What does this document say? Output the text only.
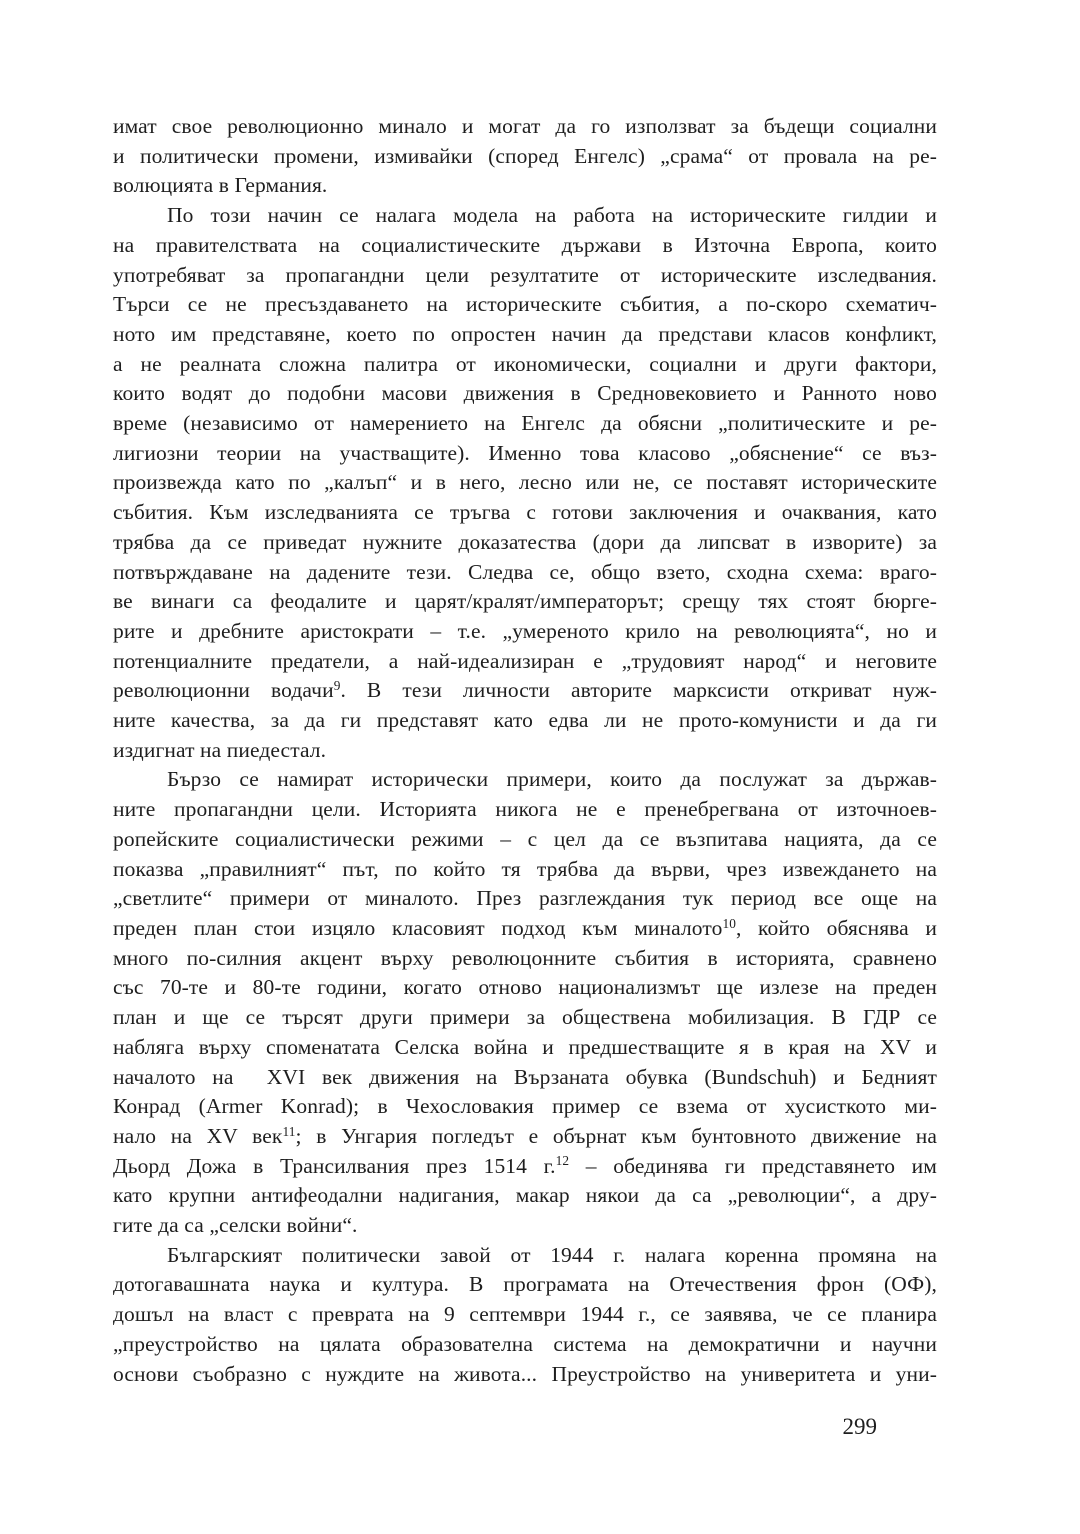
имат свое революционно минало и могат да го използват за бъдещи социални
и политически промени, измивайки (според Енгелс) „срама“ от провала на ре-
волюцията в Германия.
По този начин се налага модела на работа на историческите гилдии и
на правителствата на социалистическите държави в Източна Европа, които
употребяват за пропагандни цели резултатите от историческите изследвания.
Търси се не пресъздаването на историческите събития, а по-скоро схематич-
ното им представяне, което по опростен начин да представи класов конфликт,
а не реалната сложна палитра от икономически, социални и други фактори,
които водят до подобни масови движения в Средновековието и Ранното ново
време (независимо от намерението на Енгелс да обясни „политическите и ре-
лигиозни теории на участващите). Именно това класово „обяснение“ се въз-
произвежда като по „калъп“ и в него, лесно или не, се поставят историческите
събития. Към изследванията се тръгва с готови заключения и очаквания, като
трябва да се приведат нужните доказатества (дори да липсват в изворите) за
потвърждаване на дадените тези. Следва се, общо взето, сходна схема: враго-
ве винаги са феодалите и царят/кралят/императорът; срещу тях стоят бюрге-
рите и дребните аристократи – т.е. „умереното крило на революцията“, но и
потенциалните предатели, а най-идеализиран е „трудовият народ“ и неговите
революционни водачи$^9$. В тези личности авторите марксисти откриват нуж-
ните качества, за да ги представят като едва ли не прото-комунисти и да ги
издигнат на пиедестал.
Бързо се намират исторически примери, които да послужат за държав-
ните пропагандни цели. Историята никога не е пренебрегвана от източноев-
ропейските социалистически режими – с цел да се възпитава нацията, да се
показва „правилният“ път, по който тя трябва да върви, чрез извеждането на
„светлите“ примери от миналото. През разглеждания тук период все още на
преден план стои изцяло класовият подход към миналото$^{10}$, който обяснява и
много по-силния акцент върху революцонните събития в историята, сравнено
със 70-те и 80-те години, когато отново национализмът ще излезе на преден
план и ще се търсят други примери за обществена мобилизация. В ГДР се
набляга върху споменатата Селска война и предшестващите я в края на XV и
началото на  XVI век движения на Вързаната обувка (Bundschuh) и Бедният
Конрад (Armer Konrad); в Чехословакия пример се взема от хусисткото ми-
нало на XV век$^{11}$; в Унгария погледът е обърнат към бунтовното движение на
Дьорд Дожа в Трансилвания през 1514 г.$^{12}$ – обединява ги представянето им
като крупни антифеодални надигания, макар някои да са „революции“, а дру-
гите да са „селски войни“.
Българският политически завой от 1944 г. налага коренна промяна на
дотогавашната наука и култура. В програмата на Отечествения фрон (ОФ),
дошъл на власт с преврата на 9 септември 1944 г., се заявява, че се планира
„преустройство на цялата образователна система на демократични и научни
основи съобразно с нуждите на живота... Преустройство на универитета и уни-
299
